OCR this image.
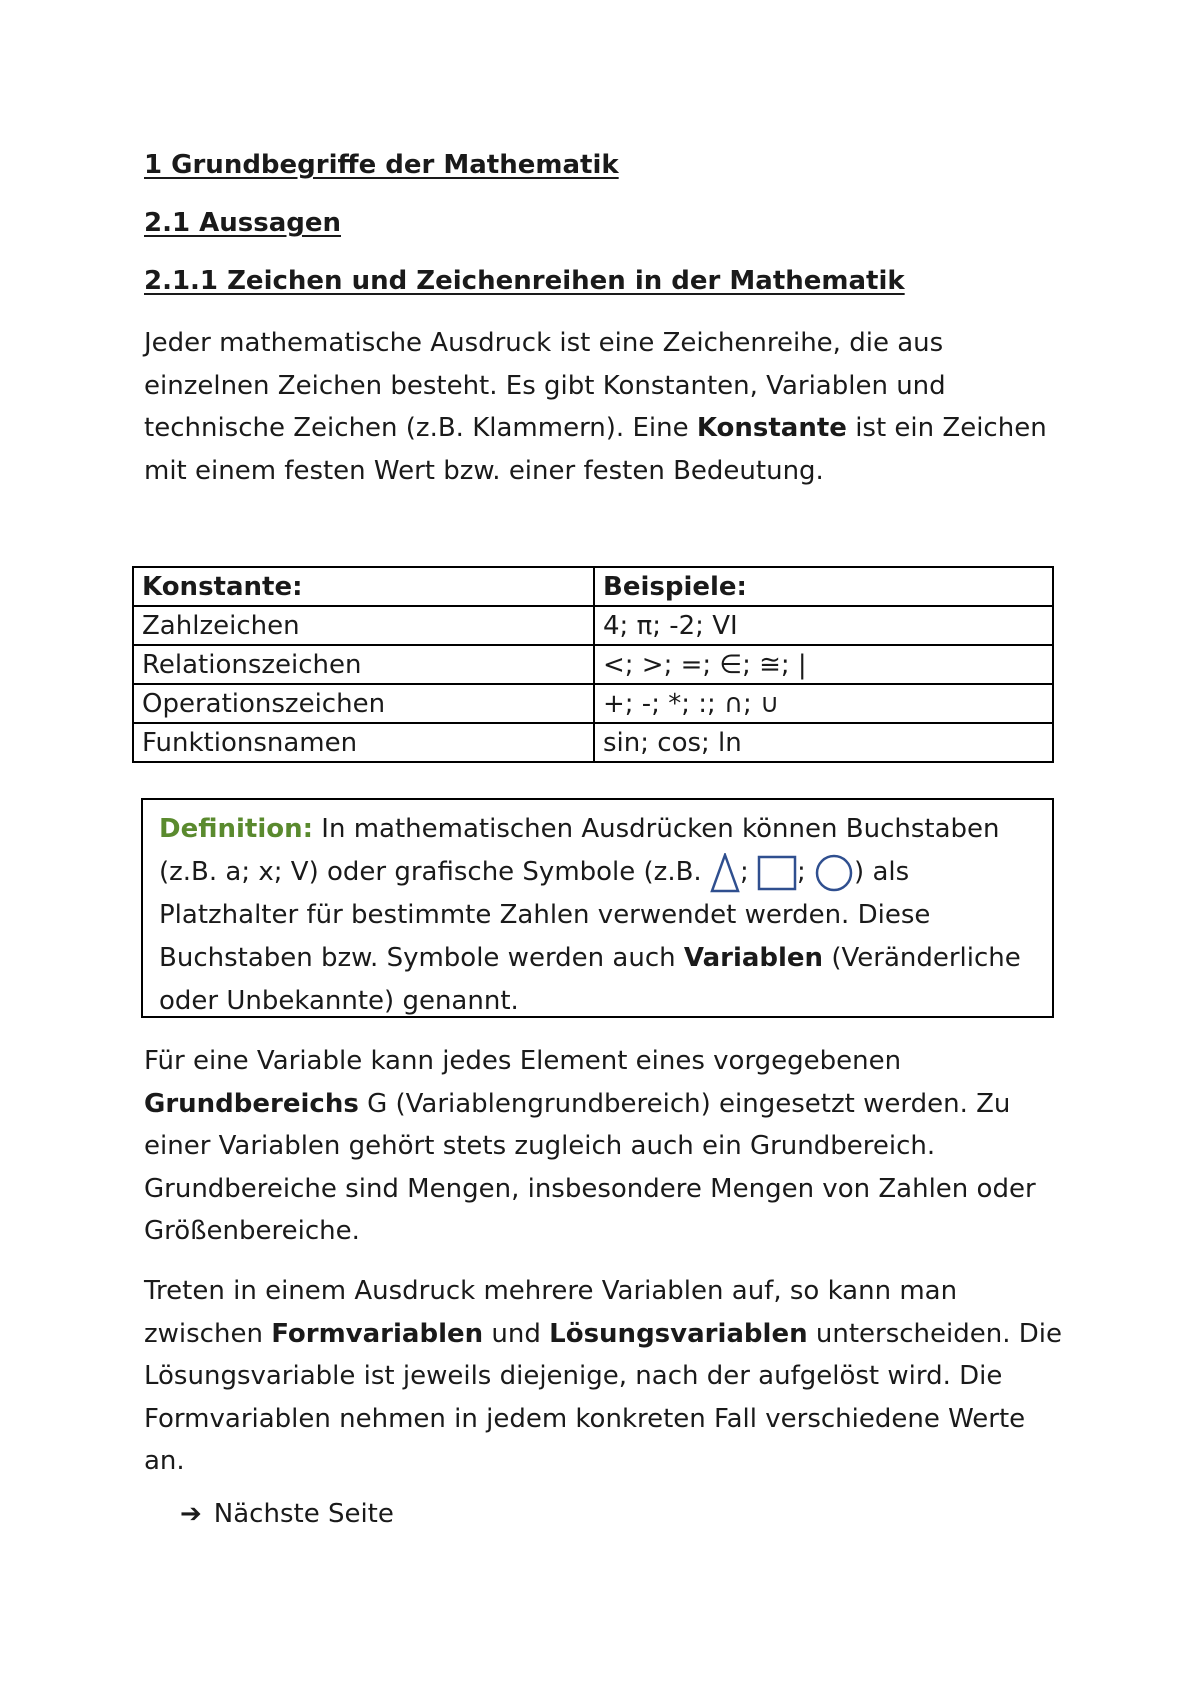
1 Grundbegriffe der Mathematik
2.1 Aussagen
2.1.1 Zeichen und Zeichenreihen in der Mathematik

Jeder mathematische Ausdruck ist eine Zeichenreihe, die aus einzelnen Zeichen besteht. Es gibt Konstanten, Variablen und technische Zeichen (z.B. Klammern). Eine Konstante ist ein Zeichen mit einem festen Wert bzw. einer festen Bedeutung.

Konstante:	Beispiele:
Zahlzeichen	4; π; -2; VI
Relationszeichen	<; >; =; ∈; ≅; |
Operationszeichen	+; -; *; :; ∩; ∪
Funktionsnamen	sin; cos; ln

Definition: In mathematischen Ausdrücken können Buchstaben (z.B. a; x; V) oder grafische Symbole (z.B. ; ; ) als Platzhalter für bestimmte Zahlen verwendet werden. Diese Buchstaben bzw. Symbole werden auch Variablen (Veränderliche oder Unbekannte) genannt.

Für eine Variable kann jedes Element eines vorgegebenen Grundbereichs G (Variablengrundbereich) eingesetzt werden. Zu einer Variablen gehört stets zugleich auch ein Grundbereich. Grundbereiche sind Mengen, insbesondere Mengen von Zahlen oder Größenbereiche.

Treten in einem Ausdruck mehrere Variablen auf, so kann man zwischen Formvariablen und Lösungsvariablen unterscheiden. Die Lösungsvariable ist jeweils diejenige, nach der aufgelöst wird. Die Formvariablen nehmen in jedem konkreten Fall verschiedene Werte an.

➔ Nächste Seite
